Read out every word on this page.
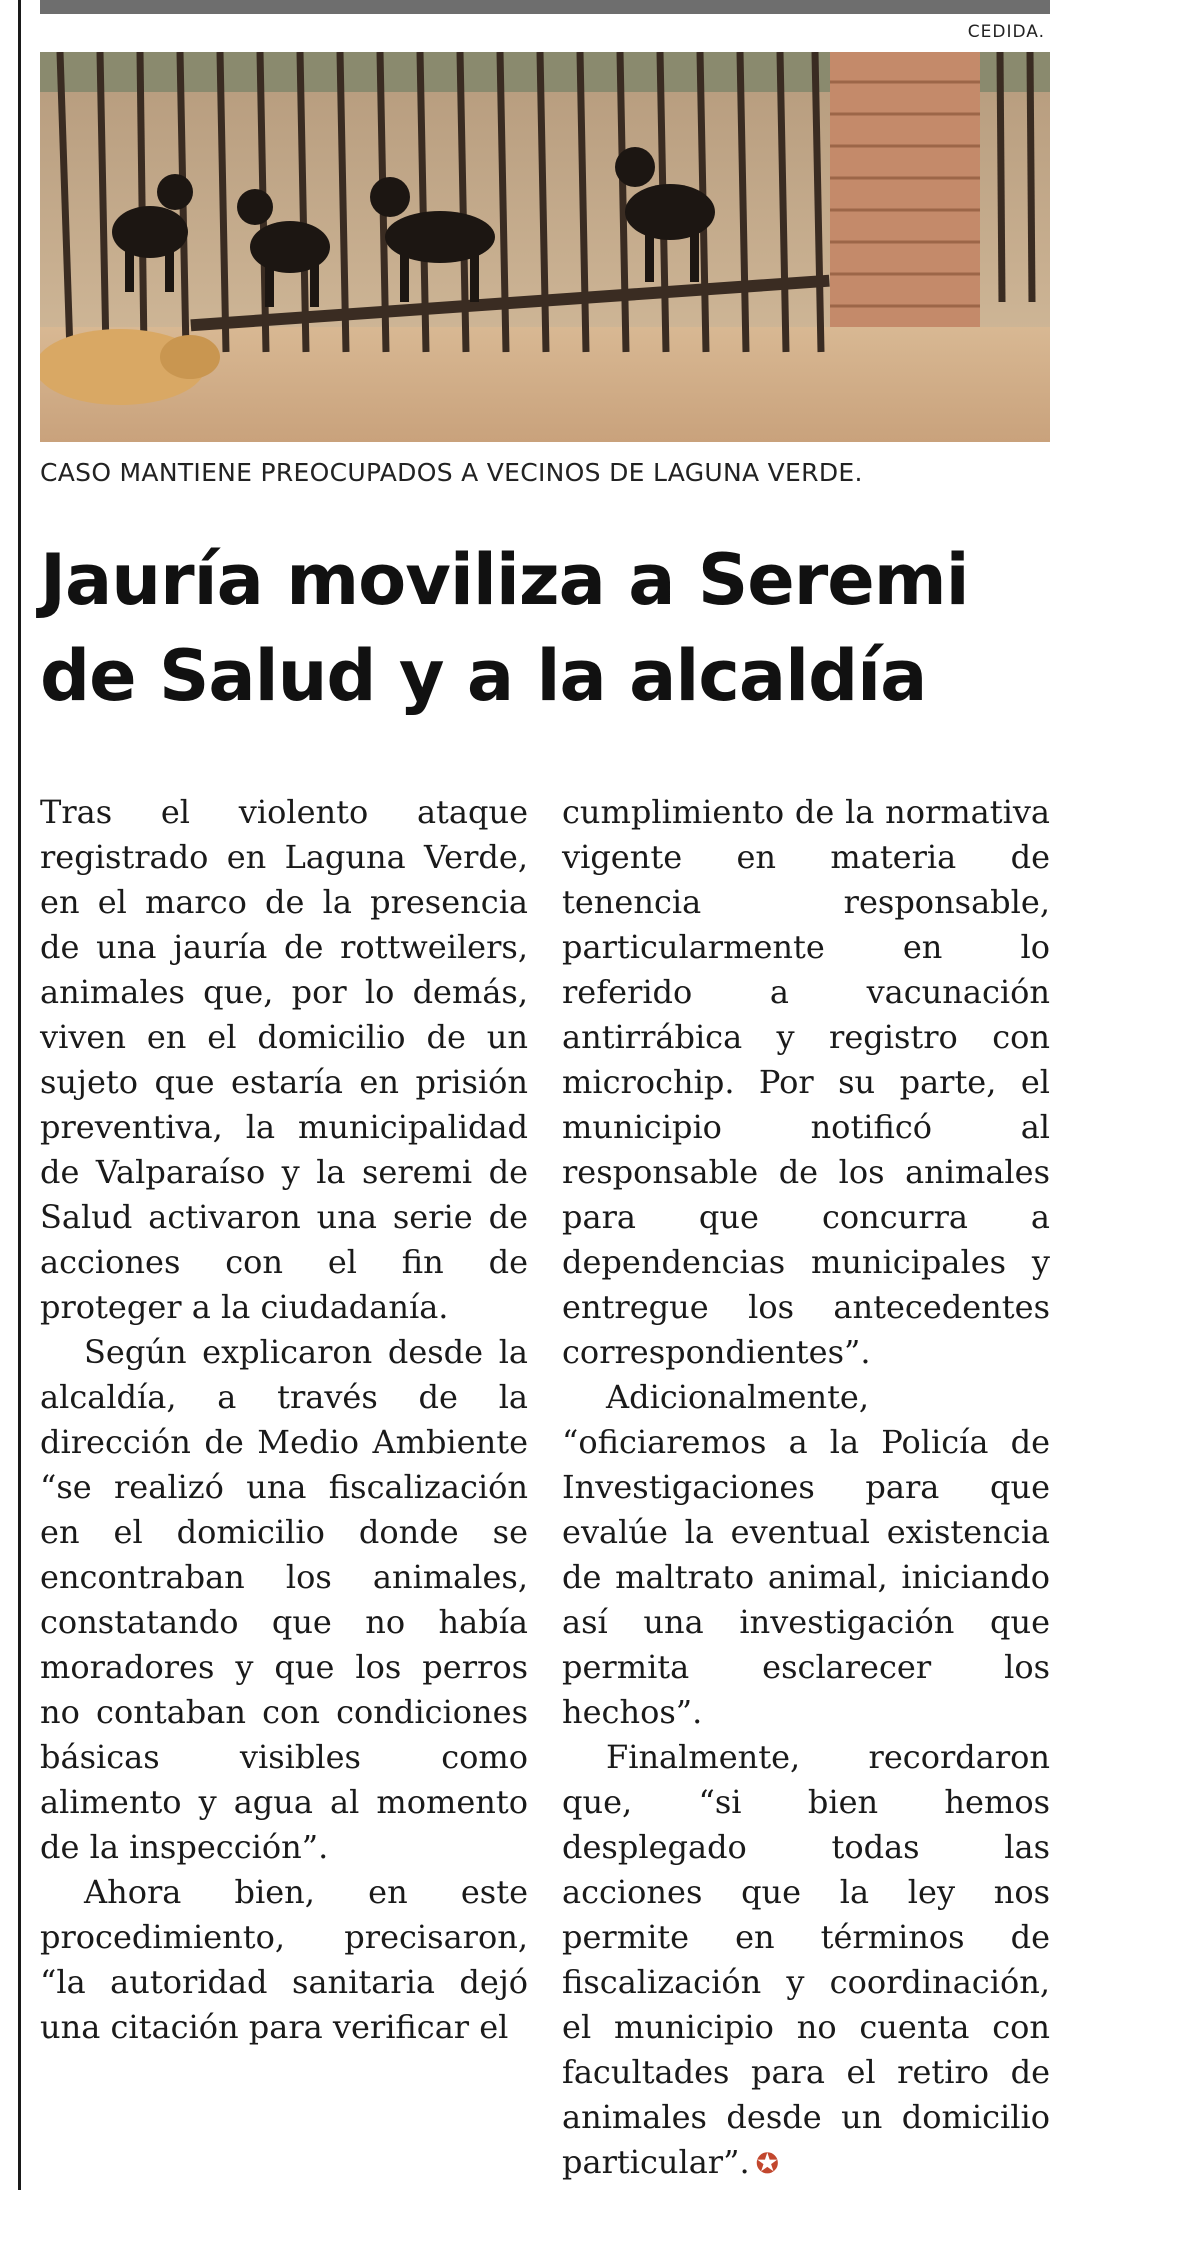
CEDIDA.
CASO MANTIENE PREOCUPADOS A VECINOS DE LAGUNA VERDE.
Jauría moviliza a Seremi de Salud y a la alcaldía

Tras el violento ataque registrado en Laguna Verde, en el marco de la presencia de una jauría de rottweilers, animales que, por lo demás, viven en el domicilio de un sujeto que estaría en prisión preventiva, la municipalidad de Valparaíso y la seremi de Salud activaron una serie de acciones con el fin de proteger a la ciudadanía.

Según explicaron desde la alcaldía, a través de la dirección de Medio Ambiente “se realizó una fiscalización en el domicilio donde se encontraban los animales, constatando que no había moradores y que los perros no contaban con condiciones básicas visibles como alimento y agua al momento de la inspección”.

Ahora bien, en este procedimiento, precisaron, “la autoridad sanitaria dejó una citación para verificar el

cumplimiento de la normativa vigente en materia de tenencia responsable, particularmente en lo referido a vacunación antirrábica y registro con microchip. Por su parte, el municipio notificó al responsable de los animales para que concurra a dependencias municipales y entregue los antecedentes correspondientes”.

Adicionalmente, “oficiaremos a la Policía de Investigaciones para que evalúe la eventual existencia de maltrato animal, iniciando así una investigación que permita esclarecer los hechos”.

Finalmente, recordaron que, “si bien hemos desplegado todas las acciones que la ley nos permite en términos de fiscalización y coordinación, el municipio no cuenta con facultades para el retiro de animales desde un domicilio particular”. ✪
